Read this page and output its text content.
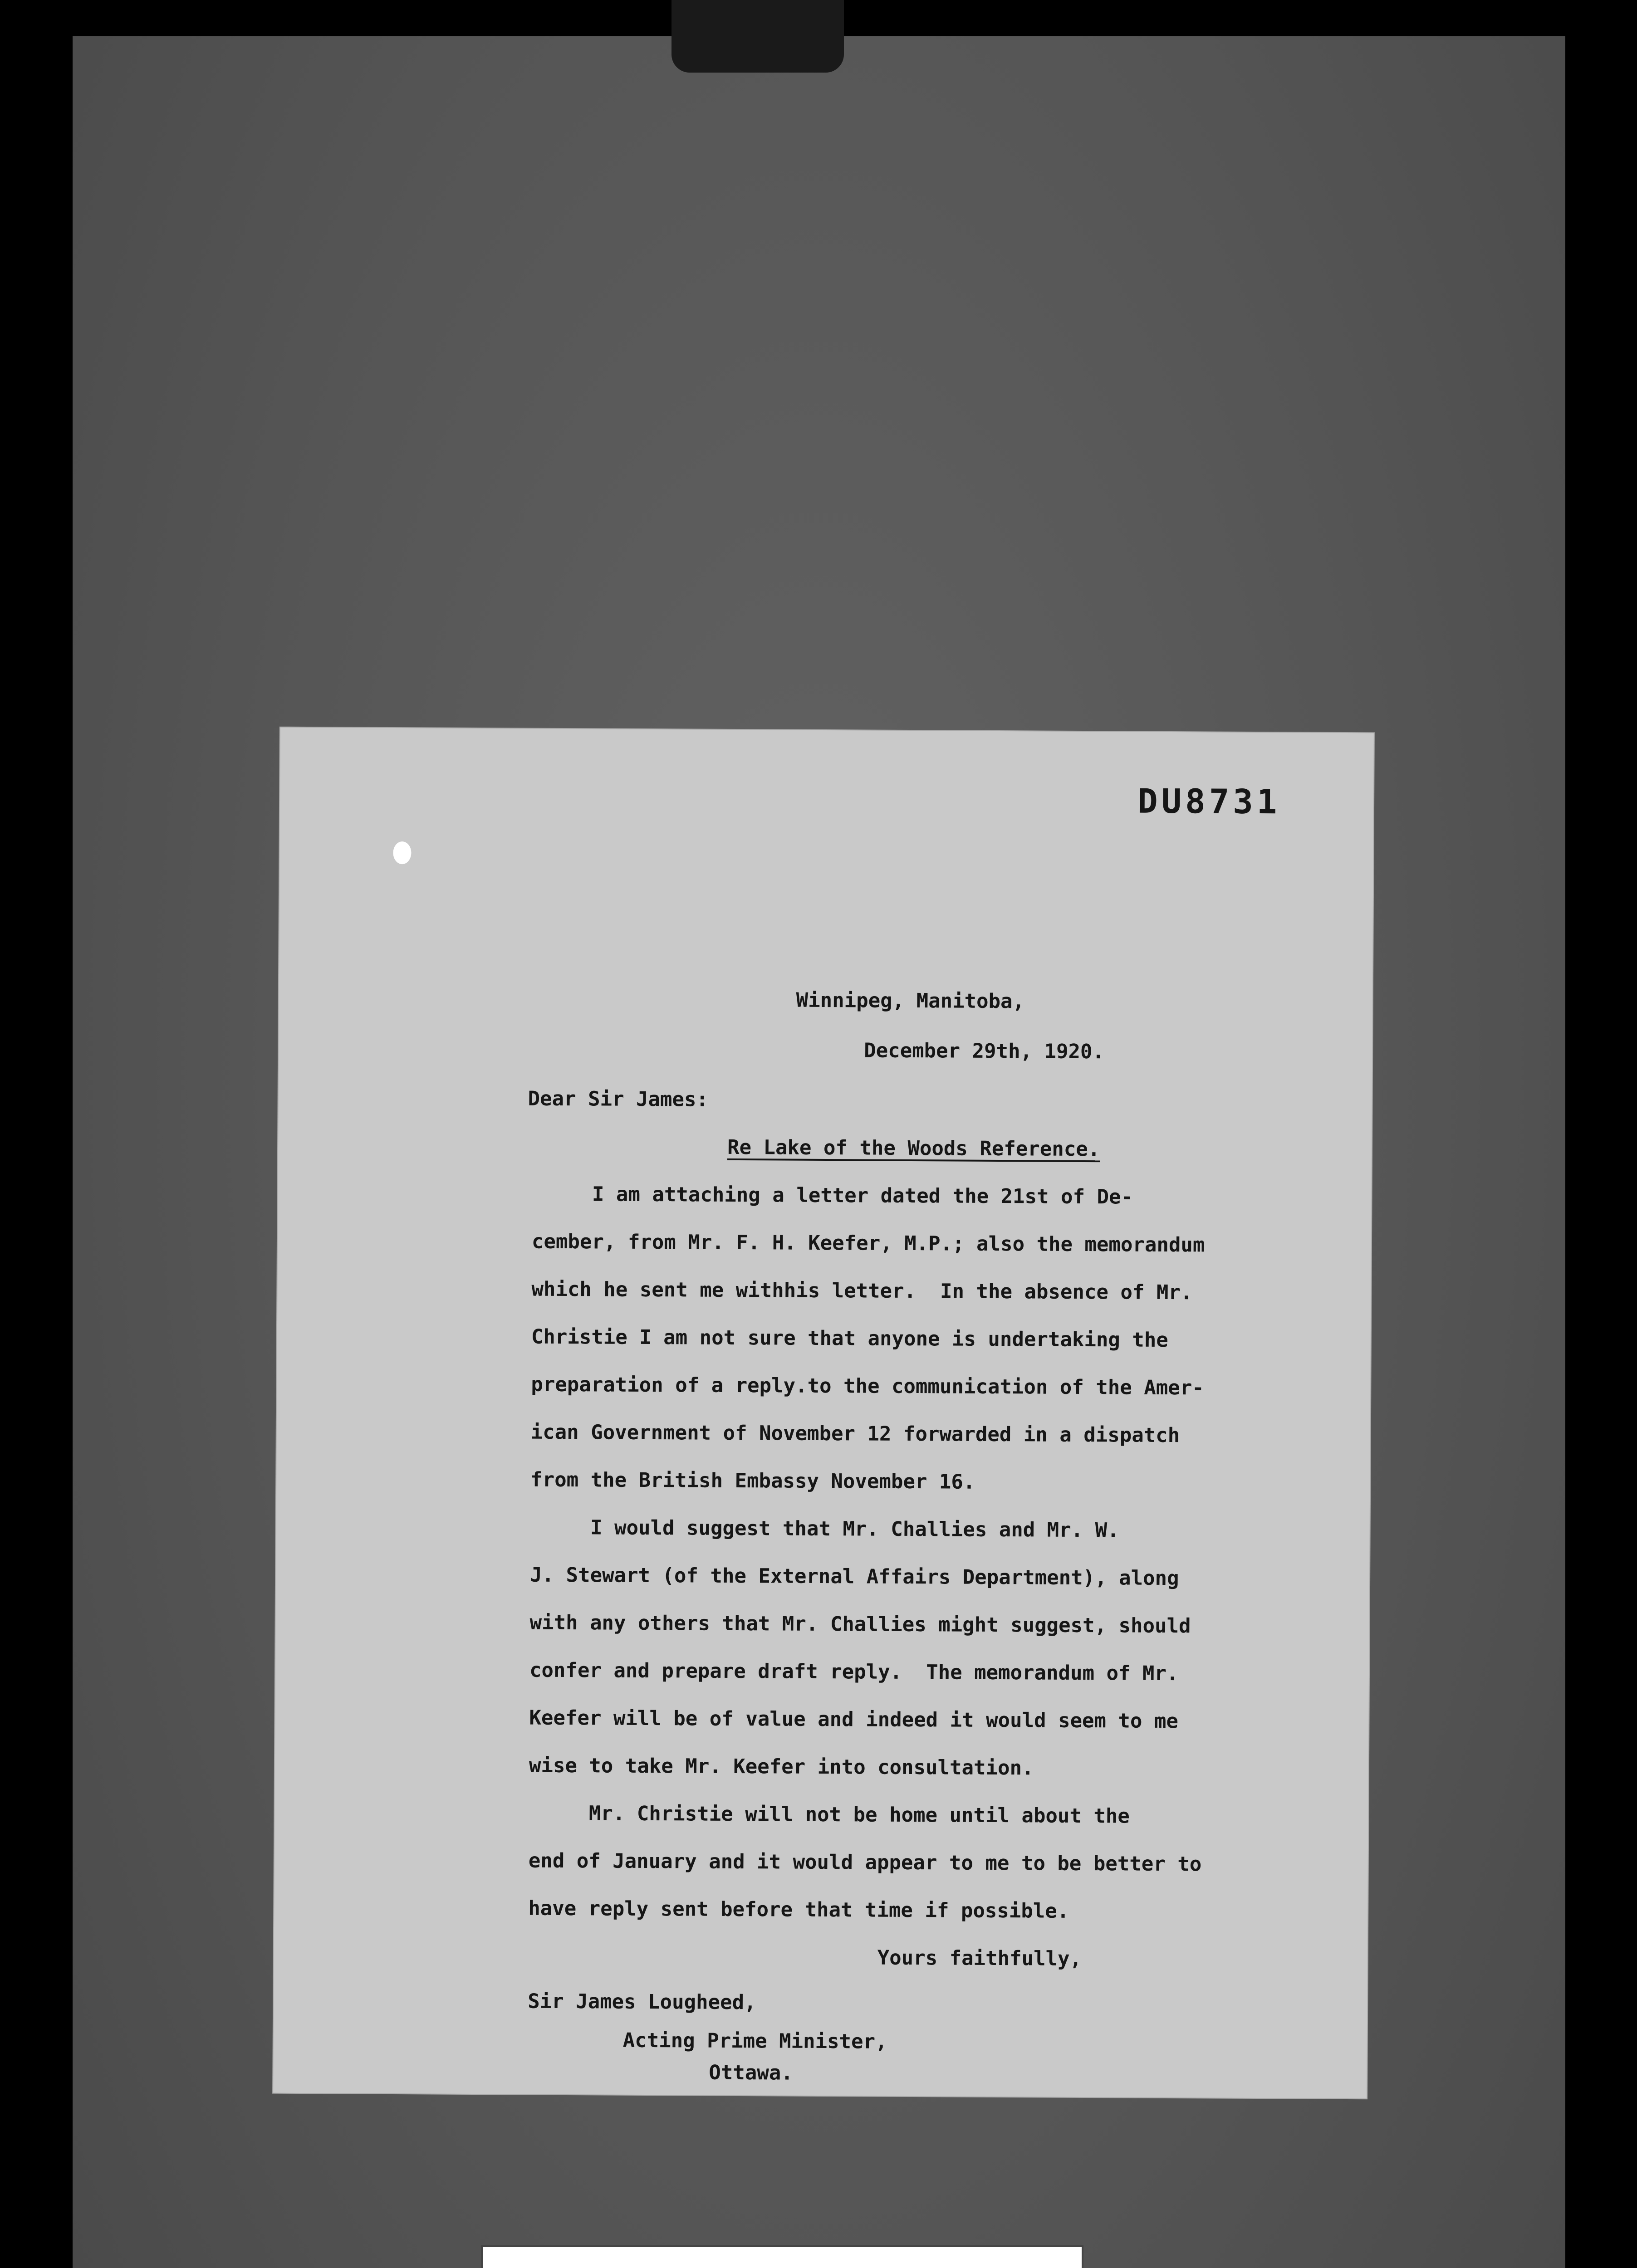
DU8731

Winnipeg, Manitoba,

December 29th, 1920.

Dear Sir James:

Re Lake of the Woods Reference.

I am attaching a letter dated the 21st of De-

cember, from Mr. F. H. Keefer, M.P.; also the memorandum

which he sent me withhis letter.  In the absence of Mr.

Christie I am not sure that anyone is undertaking the

preparation of a reply.to the communication of the Amer-

ican Government of November 12 forwarded in a dispatch

from the British Embassy November 16.

I would suggest that Mr. Challies and Mr. W.

J. Stewart (of the External Affairs Department), along

with any others that Mr. Challies might suggest, should

confer and prepare draft reply.  The memorandum of Mr.

Keefer will be of value and indeed it would seem to me

wise to take Mr. Keefer into consultation.

Mr. Christie will not be home until about the

end of January and it would appear to me to be better to

have reply sent before that time if possible.

Yours faithfully,

Sir James Lougheed,

Acting Prime Minister,

Ottawa.
